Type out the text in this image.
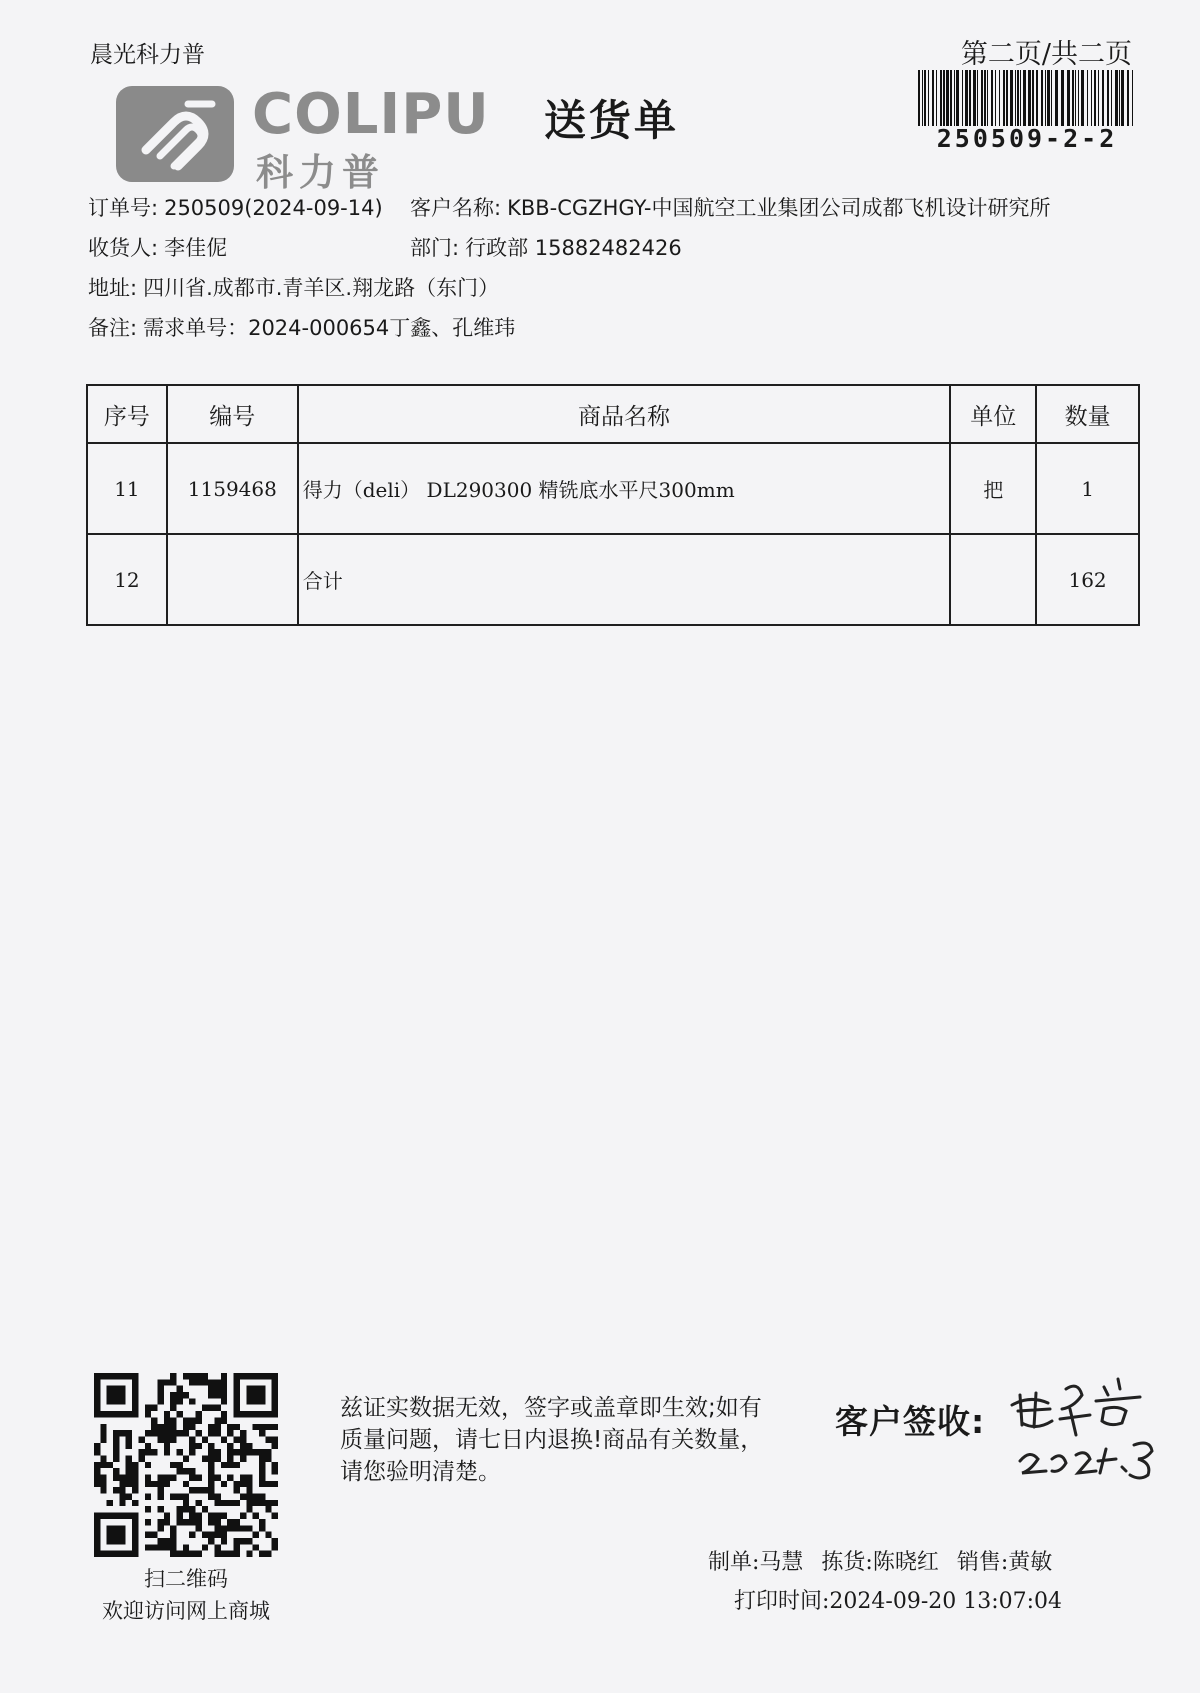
晨光科力普	第二页/共二页
250509-2-2
COLIPU
科力普
送货单
订单号: 250509(2024-09-14) 客户名称: KBB-CGZHGY-中国航空工业集团公司成都飞机设计研究所
收货人: 李佳伲	部门: 行政部 15882482426
地址: 四川省.成都市.青羊区.翔龙路（东门）
备注: 需求单号：2024-000654丁鑫、孔维玮
序号	编号	商品名称	单位	数量
11	1159468	得力（deli） DL290300 精铣底水平尺300mm	把	1
12		合计		162
扫二维码
欢迎访问网上商城
兹证实数据无效，签字或盖章即生效;如有质量问题，请七日内退换!商品有关数量，请您验明清楚。
客户签收:
制单:马慧 拣货:陈晓红 销售:黄敏
打印时间:2024-09-20 13:07:04
